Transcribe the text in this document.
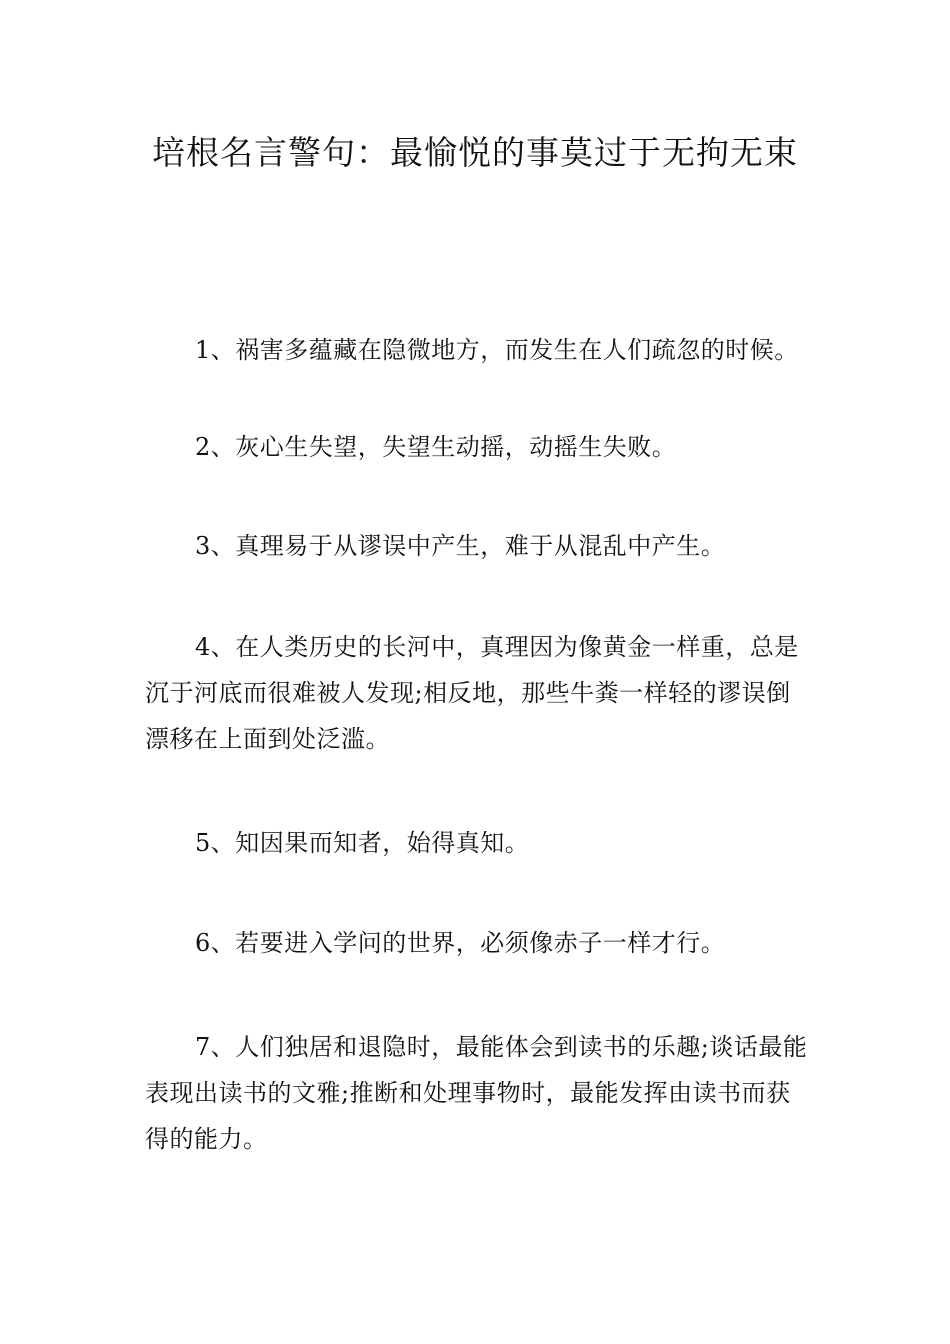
培根名言警句：最愉悦的事莫过于无拘无束

1、祸害多蕴藏在隐微地方，而发生在人们疏忽的时候。

2、灰心生失望，失望生动摇，动摇生失败。

3、真理易于从谬误中产生，难于从混乱中产生。

4、在人类历史的长河中，真理因为像黄金一样重，总是沉于河底而很难被人发现;相反地，那些牛粪一样轻的谬误倒漂移在上面到处泛滥。

5、知因果而知者，始得真知。

6、若要进入学问的世界，必须像赤子一样才行。

7、人们独居和退隐时，最能体会到读书的乐趣;谈话最能表现出读书的文雅;推断和处理事物时，最能发挥由读书而获得的能力。
